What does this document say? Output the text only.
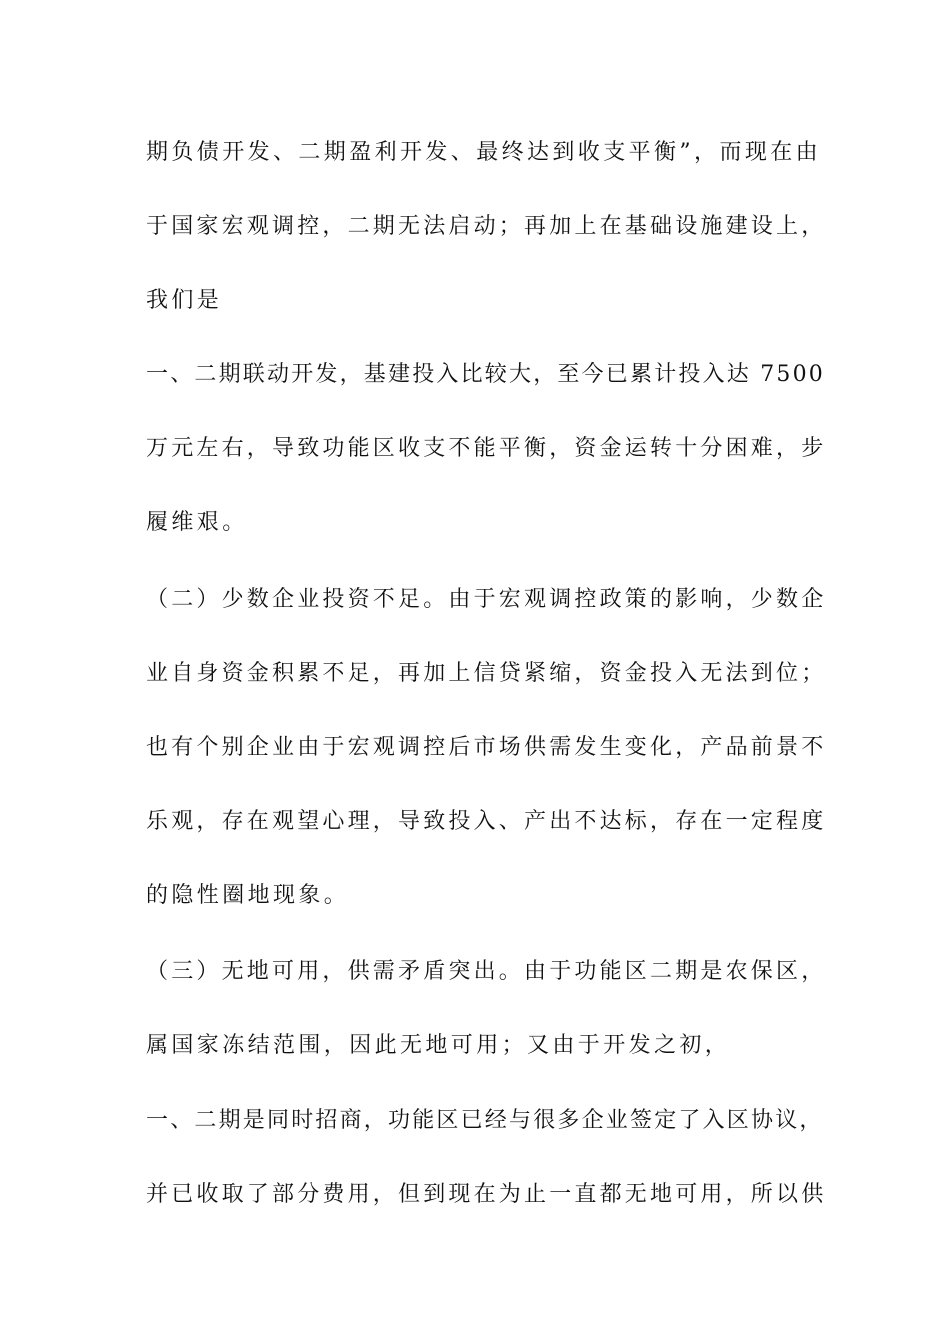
期负债开发、二期盈利开发、最终达到收支平衡”，而现在由
于国家宏观调控，二期无法启动；再加上在基础设施建设上，
我们是
一、二期联动开发，基建投入比较大，至今已累计投入达 7500
万元左右，导致功能区收支不能平衡，资金运转十分困难，步
履维艰。
（二）少数企业投资不足。由于宏观调控政策的影响，少数企
业自身资金积累不足，再加上信贷紧缩，资金投入无法到位；
也有个别企业由于宏观调控后市场供需发生变化，产品前景不
乐观，存在观望心理，导致投入、产出不达标，存在一定程度
的隐性圈地现象。
（三）无地可用，供需矛盾突出。由于功能区二期是农保区，
属国家冻结范围，因此无地可用；又由于开发之初，
一、二期是同时招商，功能区已经与很多企业签定了入区协议，
并已收取了部分费用，但到现在为止一直都无地可用，所以供
